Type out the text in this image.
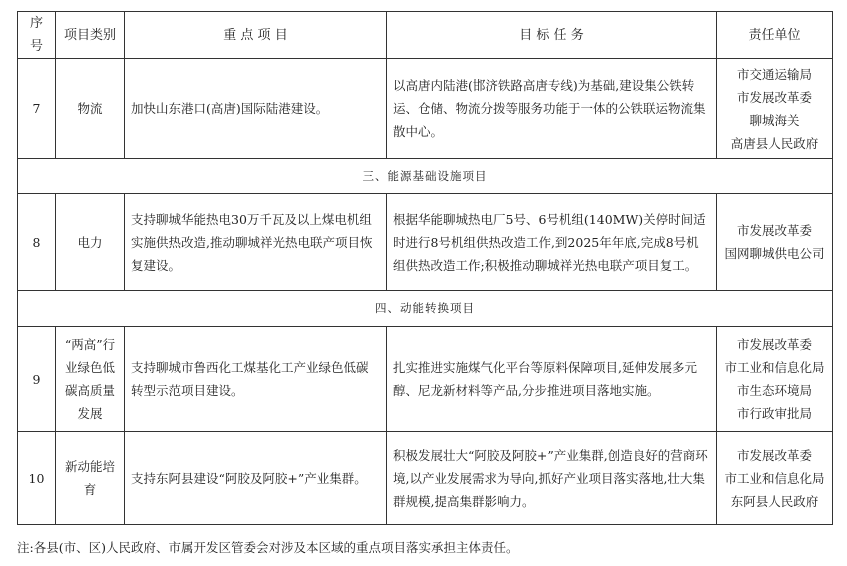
序号	项目类别	重 点 项 目	目 标 任 务	责任单位
7	物流	加快山东港口(高唐)国际陆港建设。	以高唐内陆港(邯济铁路高唐专线)为基础,建设集公铁转运、仓储、物流分拨等服务功能于一体的公铁联运物流集散中心。	市交通运输局
市发展改革委
聊城海关
高唐县人民政府

三、能源基础设施项目				
8	电力	支持聊城华能热电30万千瓦及以上煤电机组实施供热改造,推动聊城祥光热电联产项目恢复建设。	根据华能聊城热电厂5号、6号机组(140MW)关停时间适时进行8号机组供热改造工作,到2025年年底,完成8号机组供热改造工作;积极推动聊城祥光热电联产项目复工。	市发展改革委
国网聊城供电公司

四、动能转换项目				
9	“两高”行业绿色低碳高质量发展	支持聊城市鲁西化工煤基化工产业绿色低碳转型示范项目建设。	扎实推进实施煤气化平台等原料保障项目,延伸发展多元醇、尼龙新材料等产品,分步推进项目落地实施。	市发展改革委
市工业和信息化局
市生态环境局
市行政审批局

10	新动能培育	支持东阿县建设“阿胶及阿胶+”产业集群。	积极发展壮大“阿胶及阿胶+”产业集群,创造良好的营商环境,以产业发展需求为导向,抓好产业项目落实落地,壮大集群规模,提高集群影响力。	市发展改革委
市工业和信息化局
东阿县人民政府
注:各县(市、区)人民政府、市属开发区管委会对涉及本区域的重点项目落实承担主体责任。
